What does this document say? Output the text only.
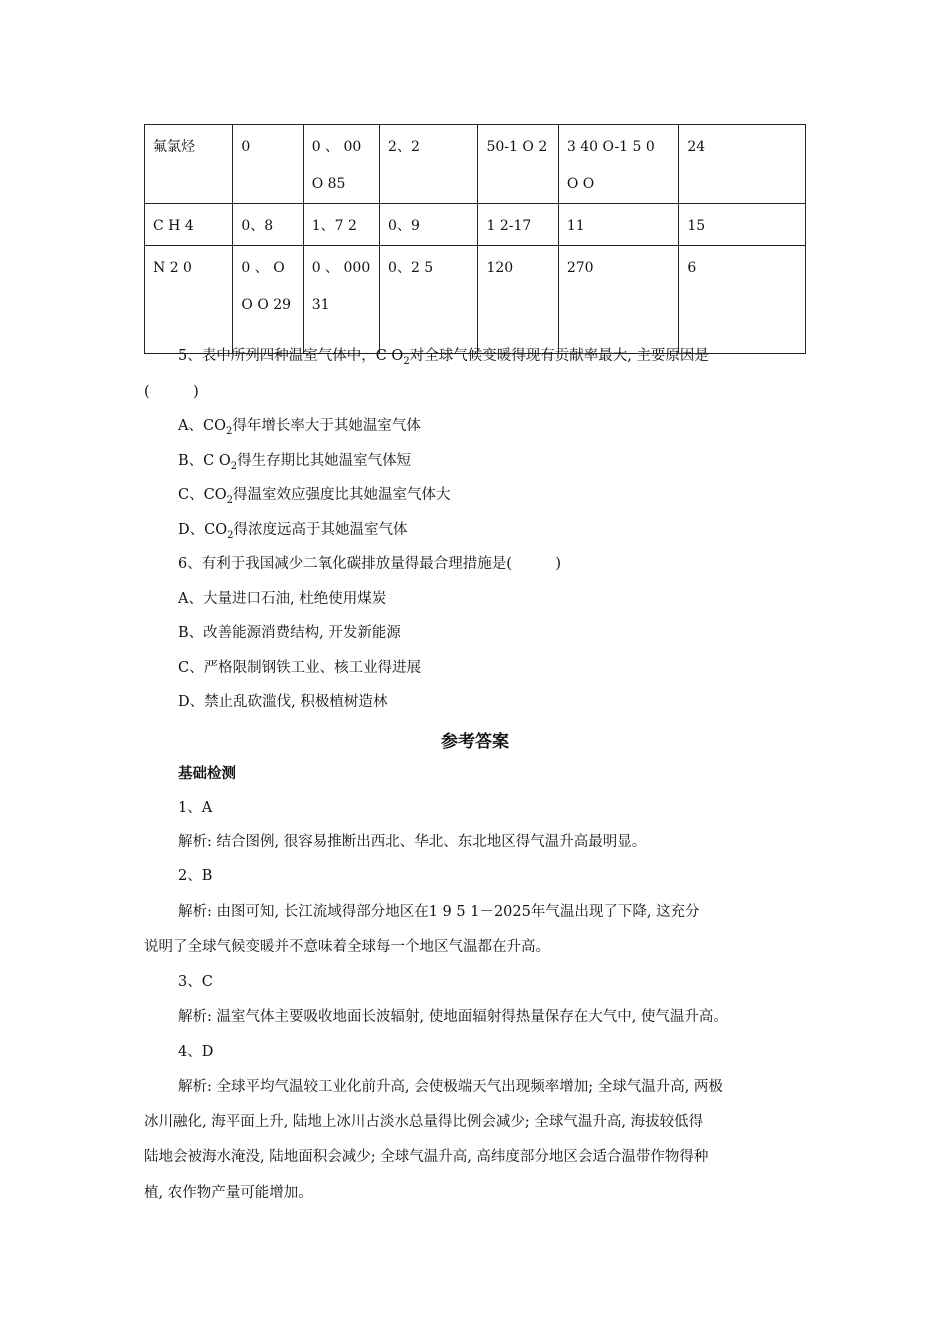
氟氯烃	0	0 、 00 O 85	2、2	50-1 O 2	3 40 O-1 5 0 O O	24
C H 4	0、8	1、7 2	0、9	1 2-17	11	15
N 2 0	0 、 O O O 29	0 、 000 31	0、2 5	120	270	6
5、表中所列四种温室气体中，C $O_2$对全球气候变暖得现有贡献率最大, 主要原因是
(　　　)
A、$CO_2$得年增长率大于其她温室气体
B、C $O_2$得生存期比其她温室气体短
C、$CO_2$得温室效应强度比其她温室气体大
D、$CO_2$得浓度远高于其她温室气体
6、有利于我国减少二氧化碳排放量得最合理措施是(　　　)
A、大量进口石油, 杜绝使用煤炭
B、改善能源消费结构, 开发新能源
C、严格限制钢铁工业、核工业得进展
D、禁止乱砍滥伐, 积极植树造林
参考答案
基础检测
1、A
解析: 结合图例, 很容易推断出西北、华北、东北地区得气温升高最明显。
2、B
解析: 由图可知, 长江流域得部分地区在1 9 5 1－2025年气温出现了下降, 这充分
说明了全球气候变暖并不意味着全球每一个地区气温都在升高。
3、C
解析: 温室气体主要吸收地面长波辐射, 使地面辐射得热量保存在大气中, 使气温升高。
4、D
解析: 全球平均气温较工业化前升高, 会使极端天气出现频率增加; 全球气温升高, 两极
冰川融化, 海平面上升, 陆地上冰川占淡水总量得比例会减少; 全球气温升高, 海拔较低得
陆地会被海水淹没, 陆地面积会减少; 全球气温升高, 高纬度部分地区会适合温带作物得种
植, 农作物产量可能增加。
